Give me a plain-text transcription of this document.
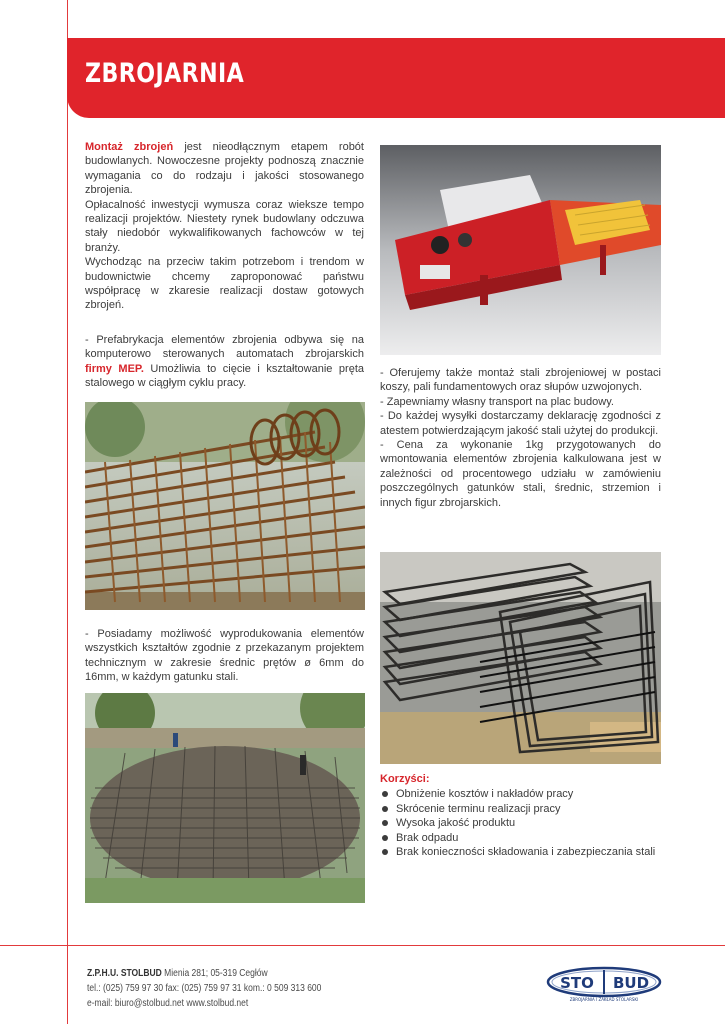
ZBROJARNIA

Montaż zbrojeń jest nieodłącznym etapem robót budowlanych. Nowoczesne projekty podnoszą znacznie wymagania co do rodzaju i jakości stosowanego zbrojenia.

Opłacalność inwestycji wymusza coraz wieksze tempo realizacji projektów. Niestety rynek budowlany odczuwa stały niedobór wykwalifikowanych fachowców w tej branży.

Wychodząc na przeciw takim potrzebom i trendom w budownictwie chcemy zaproponować państwu współpracę w zkaresie realizacji dostaw gotowych zbrojeń.

- Prefabrykacja elementów zbrojenia odbywa się na komputerowo sterowanych automatach zbrojarskich firmy MEP. Umożliwia to cięcie i kształtowanie pręta stalowego w ciągłym cyklu pracy.

- Posiadamy możliwość wyprodukowania elementów wszystkich kształtów zgodnie z przekazanym projektem technicznym w zakresie średnic prętów ø 6mm do 16mm, w każdym gatunku stali.

- Oferujemy także montaż stali zbrojeniowej w postaci koszy, pali fundamentowych oraz słupów uzwojonych.

- Zapewniamy własny transport na plac budowy.

- Do każdej wysyłki dostarczamy deklarację zgodności z atestem potwierdzającym jakość stali użytej do produkcji.

- Cena za wykonanie 1kg przygotowanych do wmontowania elementów zbrojenia kalkulowana jest w zależności od procentowego udziału w zamówieniu poszczególnych gatunków stali, średnic, strzemion i innych figur zbrojarskich.

Korzyści:
Obniżenie kosztów i nakładów pracy
Skrócenie terminu realizacji pracy
Wysoka jakość produktu
Brak odpadu
Brak konieczności składowania i zabezpieczania stali
Z.P.H.U. STOLBUD Mienia 281; 05-319 Cegłów
tel.: (025) 759 97 30 fax: (025) 759 97 31 kom.: 0 509 313 600
e-mail: biuro@stolbud.net www.stolbud.net
STO BUD
ZBROJARNIA I ZAKŁAD STOLARSKI
